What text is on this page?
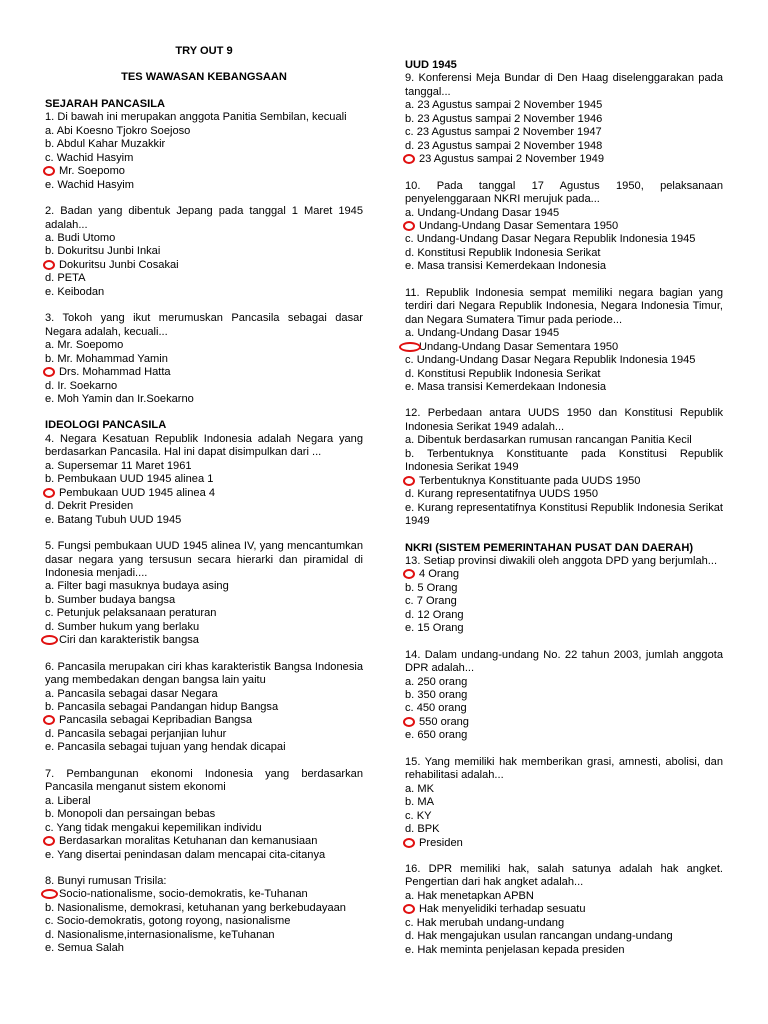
TRY OUT 9
TES WAWASAN KEBANGSAAN
SEJARAH PANCASILA
1. Di bawah ini merupakan anggota Panitia Sembilan, kecuali
a. Abi Koesno Tjokro Soejoso
b. Abdul Kahar Muzakkir
c. Wachid Hasyim
Mr. Soepomo
e. Wachid Hasyim
2. Badan yang dibentuk Jepang pada tanggal 1 Maret 1945 adalah...
a. Budi Utomo
b. Dokuritsu Junbi Inkai
Dokuritsu Junbi Cosakai
d. PETA
e. Keibodan
3. Tokoh yang ikut merumuskan Pancasila sebagai dasar Negara adalah, kecuali...
a. Mr. Soepomo
b. Mr. Mohammad Yamin
Drs. Mohammad Hatta
d. Ir. Soekarno
e. Moh Yamin dan Ir.Soekarno
IDEOLOGI PANCASILA
4. Negara Kesatuan Republik Indonesia adalah Negara yang berdasarkan Pancasila. Hal ini dapat disimpulkan dari ...
a. Supersemar 11 Maret 1961
b. Pembukaan UUD 1945 alinea 1
Pembukaan UUD 1945 alinea 4
d. Dekrit Presiden
e. Batang Tubuh UUD 1945
5. Fungsi pembukaan UUD 1945 alinea IV, yang mencantumkan dasar negara yang tersusun secara hierarki dan piramidal di Indonesia menjadi....
a. Filter bagi masuknya budaya asing
b. Sumber budaya bangsa
c. Petunjuk pelaksanaan peraturan
d. Sumber hukum yang berlaku
Ciri dan karakteristik bangsa
6. Pancasila merupakan ciri khas karakteristik Bangsa Indonesia yang membedakan dengan bangsa lain yaitu
a. Pancasila sebagai dasar Negara
b. Pancasila sebagai Pandangan hidup Bangsa
Pancasila sebagai Kepribadian Bangsa
d. Pancasila sebagai perjanjian luhur
e. Pancasila sebagai tujuan yang hendak dicapai
7. Pembangunan ekonomi Indonesia yang berdasarkan Pancasila menganut sistem ekonomi
a. Liberal
b. Monopoli dan persaingan bebas
c. Yang tidak mengakui kepemilikan individu
Berdasarkan moralitas Ketuhanan dan kemanusiaan
e. Yang disertai penindasan dalam mencapai cita-citanya
8. Bunyi rumusan Trisila:
Socio-nationalisme, socio-demokratis, ke-Tuhanan
b. Nasionalisme, demokrasi, ketuhanan yang berkebudayaan
c. Socio-demokratis, gotong royong, nasionalisme
d. Nasionalisme,internasionalisme, keTuhanan
e. Semua Salah
UUD 1945
9. Konferensi Meja Bundar di Den Haag diselenggarakan pada tanggal...
a. 23 Agustus sampai 2 November 1945
b. 23 Agustus sampai 2 November 1946
c. 23 Agustus sampai 2 November 1947
d. 23 Agustus sampai 2 November 1948
23 Agustus sampai 2 November 1949
10. Pada tanggal 17 Agustus 1950, pelaksanaan penyelenggaraan NKRI merujuk pada...
a. Undang-Undang Dasar 1945
Undang-Undang Dasar Sementara 1950
c. Undang-Undang Dasar Negara Republik Indonesia 1945
d. Konstitusi Republik Indonesia Serikat
e. Masa transisi Kemerdekaan Indonesia
11. Republik Indonesia sempat memiliki negara bagian yang terdiri dari Negara Republik Indonesia, Negara Indonesia Timur, dan Negara Sumatera Timur pada periode...
a. Undang-Undang Dasar 1945
Undang-Undang Dasar Sementara 1950
c. Undang-Undang Dasar Negara Republik Indonesia 1945
d. Konstitusi Republik Indonesia Serikat
e. Masa transisi Kemerdekaan Indonesia
12. Perbedaan antara UUDS 1950 dan Konstitusi Republik Indonesia Serikat 1949 adalah...
a. Dibentuk berdasarkan rumusan rancangan Panitia Kecil
b. Terbentuknya Konstituante pada Konstitusi Republik Indonesia Serikat 1949
Terbentuknya Konstituante pada UUDS 1950
d. Kurang representatifnya UUDS 1950
e. Kurang representatifnya Konstitusi Republik Indonesia Serikat 1949
NKRI (SISTEM PEMERINTAHAN PUSAT DAN DAERAH)
13. Setiap provinsi diwakili oleh anggota DPD yang berjumlah...
4 Orang
b. 5 Orang
c. 7 Orang
d. 12 Orang
e. 15 Orang
14. Dalam undang-undang No. 22 tahun 2003, jumlah anggota DPR adalah...
a. 250 orang
b. 350 orang
c. 450 orang
550 orang
e. 650 orang
15. Yang memiliki hak memberikan grasi, amnesti, abolisi, dan rehabilitasi adalah...
a. MK
b. MA
c. KY
d. BPK
Presiden
16. DPR memiliki hak, salah satunya adalah hak angket. Pengertian dari hak angket adalah...
a. Hak menetapkan APBN
Hak menyelidiki terhadap sesuatu
c. Hak merubah undang-undang
d. Hak mengajukan usulan rancangan undang-undang
e. Hak meminta penjelasan kepada presiden
